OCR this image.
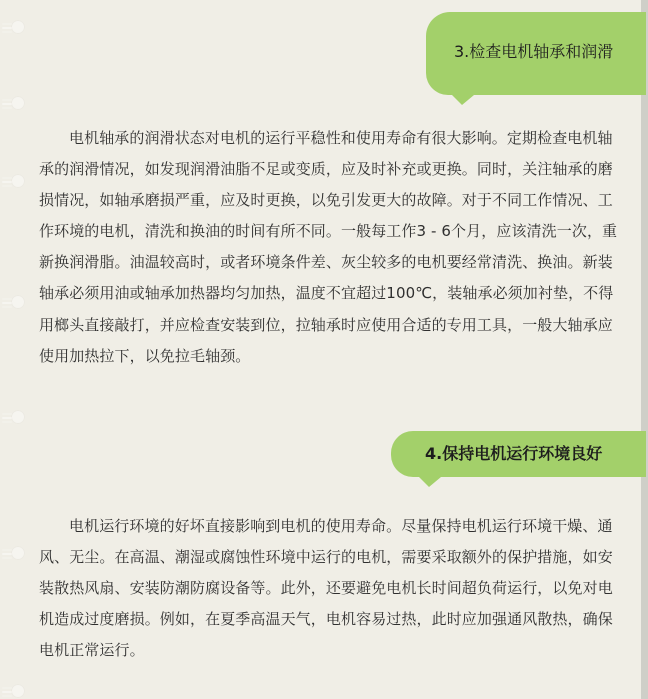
3.检查电机轴承和润滑
电机轴承的润滑状态对电机的运行平稳性和使用寿命有很大影响。定期检查电机轴承的润滑情况，如发现润滑油脂不足或变质，应及时补充或更换。同时，关注轴承的磨损情况，如轴承磨损严重，应及时更换，以免引发更大的故障。对于不同工作情况、工作环境的电机，清洗和换油的时间有所不同。一般每工作3 - 6个月，应该清洗一次，重新换润滑脂。油温较高时，或者环境条件差、灰尘较多的电机要经常清洗、换油。新装轴承必须用油或轴承加热器均匀加热，温度不宜超过100℃，装轴承必须加衬垫，不得用榔头直接敲打，并应检查安装到位，拉轴承时应使用合适的专用工具，一般大轴承应使用加热拉下，以免拉毛轴颈。
4.保持电机运行环境良好
电机运行环境的好坏直接影响到电机的使用寿命。尽量保持电机运行环境干燥、通风、无尘。在高温、潮湿或腐蚀性环境中运行的电机，需要采取额外的保护措施，如安装散热风扇、安装防潮防腐设备等。此外，还要避免电机长时间超负荷运行，以免对电机造成过度磨损。例如，在夏季高温天气，电机容易过热，此时应加强通风散热，确保电机正常运行。
